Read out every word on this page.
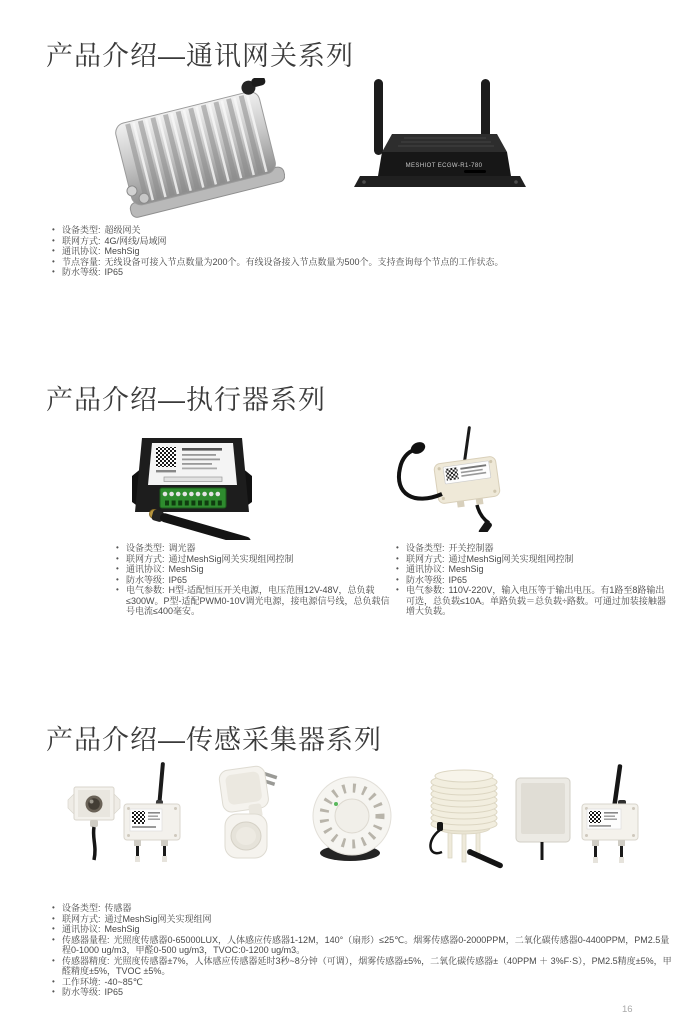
产品介绍—通讯网关系列
MESHIOT ECGW-R1-780
• 设备类型: 超级网关
• 联网方式: 4G/网线/局域网
• 通讯协议: MeshSig
• 节点容量: 无线设备可接入节点数量为200个。有线设备接入节点数量为500个。支持查询每个节点的工作状态。
• 防水等级: IP65
产品介绍—执行器系列
• 设备类型: 调光器
• 联网方式: 通过MeshSig网关实现组网控制
• 通讯协议: MeshSig
• 防水等级: IP65
• 电气参数: H型-适配恒压开关电源，电压范围12V-48V，总负载≤300W。P型-适配PWM0-10V调光电源，接电源信号线，总负载信号电流≤400毫安。
• 设备类型: 开关控制器
• 联网方式: 通过MeshSig网关实现组网控制
• 通讯协议: MeshSig
• 防水等级: IP65
• 电气参数: 110V-220V，输入电压等于输出电压。有1路至8路输出可选，总负载≤10A。单路负载＝总负载÷路数。可通过加装接触器增大负载。
产品介绍—传感采集器系列
• 设备类型: 传感器
• 联网方式: 通过MeshSig网关实现组网
• 通讯协议: MeshSig
• 传感器量程: 光照度传感器0-65000LUX，人体感应传感器1-12M，140°（扇形）≤25℃。烟雾传感器0-2000PPM，二氧化碳传感器0-4400PPM，PM2.5量程0-1000 ug/m3，甲醛0-500 ug/m3，TVOC:0-1200 ug/m3。
• 传感器精度: 光照度传感器±7%，人体感应传感器延时3秒~8分钟（可调），烟雾传感器±5%，二氧化碳传感器±（40PPM ＋ 3%F·S），PM2.5精度±5%，甲醛精度±5%，TVOC ±5%。
• 工作环境: -40~85℃
• 防水等级: IP65
16
